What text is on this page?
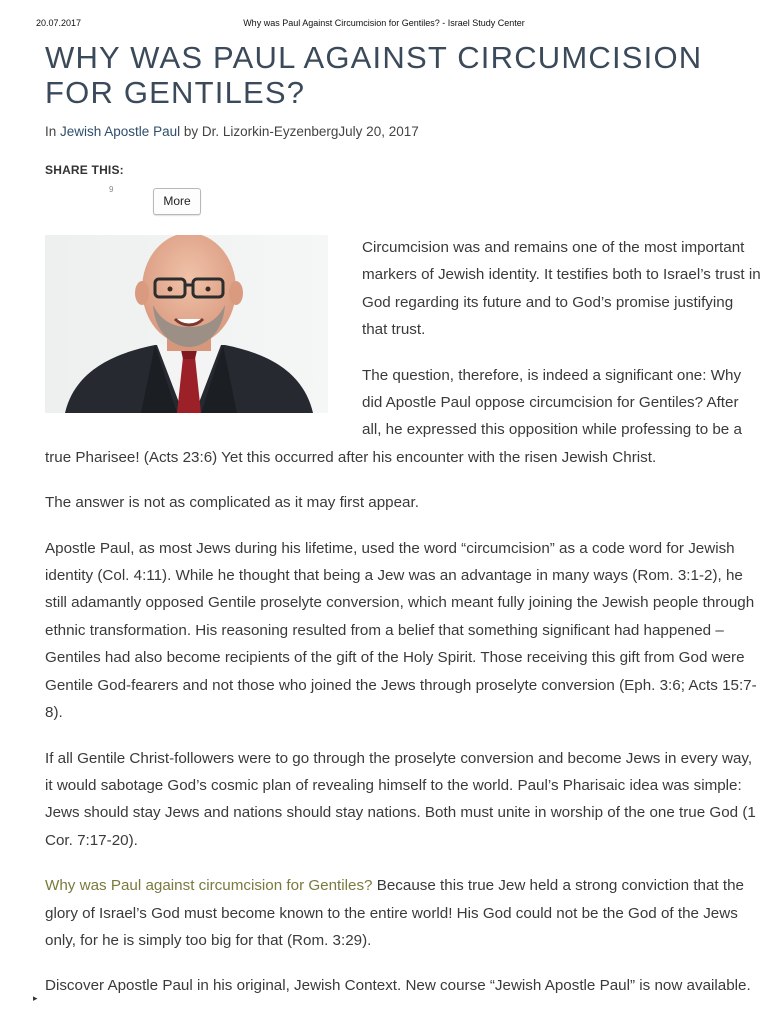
20.07.2017	Why was Paul Against Circumcision for Gentiles? - Israel Study Center
WHY WAS PAUL AGAINST CIRCUMCISION FOR GENTILES?
In Jewish Apostle Paul by Dr. Lizorkin-EyzenbergJuly 20, 2017
SHARE THIS:
9
More

Circumcision was and remains one of the most important markers of Jewish identity. It testifies both to Israel’s trust in God regarding its future and to God’s promise justifying that trust.

The question, therefore, is indeed a significant one: Why did Apostle Paul oppose circumcision for Gentiles? After all, he expressed this opposition while professing to be a true Pharisee! (Acts 23:6) Yet this occurred after his encounter with the risen Jewish Christ.

The answer is not as complicated as it may first appear.

Apostle Paul, as most Jews during his lifetime, used the word “circumcision” as a code word for Jewish identity (Col. 4:11). While he thought that being a Jew was an advantage in many ways (Rom. 3:1-2), he still adamantly opposed Gentile proselyte conversion, which meant fully joining the Jewish people through ethnic transformation. His reasoning resulted from a belief that something significant had happened – Gentiles had also become recipients of the gift of the Holy Spirit. Those receiving this gift from God were Gentile God-fearers and not those who joined the Jews through proselyte conversion (Eph. 3:6; Acts 15:7-8).

If all Gentile Christ-followers were to go through the proselyte conversion and become Jews in every way, it would sabotage God’s cosmic plan of revealing himself to the world. Paul’s Pharisaic idea was simple: Jews should stay Jews and nations should stay nations. Both must unite in worship of the one true God (1 Cor. 7:17-20).

Why was Paul against circumcision for Gentiles? Because this true Jew held a strong conviction that the glory of Israel’s God must become known to the entire world! His God could not be the God of the Jews only, for he is simply too big for that (Rom. 3:29).

Discover Apostle Paul in his original, Jewish Context. New course “Jewish Apostle Paul” is now available.

▸
